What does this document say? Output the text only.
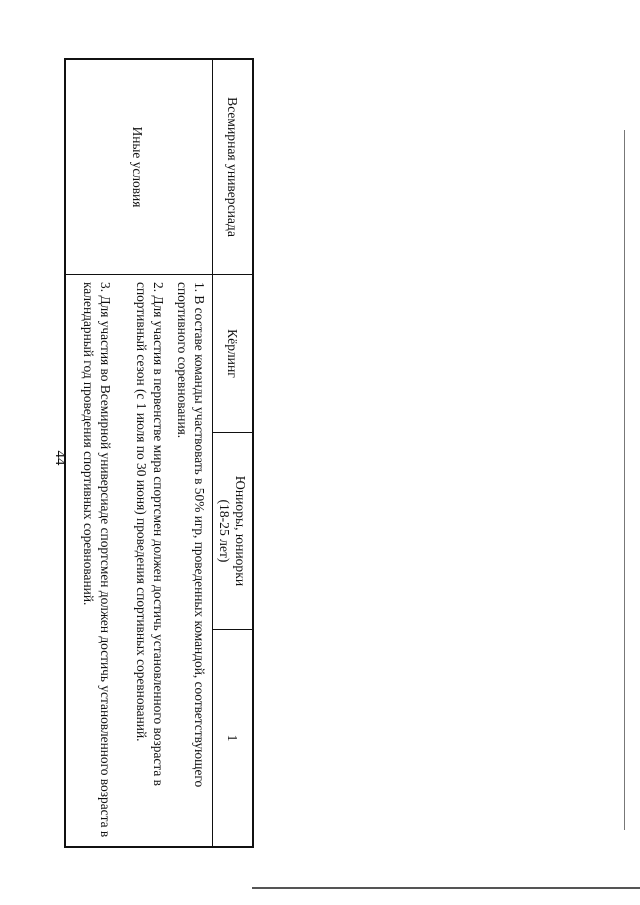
44
Всемирная универсиада
Кёрлинг
Юниоры, юниорки
(18-25 лет)
1
Иные условия

1. В составе команды участвовать в 50% игр, проведенных командой, соответствующего спортивного соревнования.

2. Для участия в первенстве мира спортсмен должен достичь установленного возраста в спортивный сезон (с 1 июля по 30 июня) проведения спортивных соревнований.

3. Для участия во Всемирной универсиаде спортсмен должен достичь установленного возраста в календарный год проведения спортивных соревнований.
